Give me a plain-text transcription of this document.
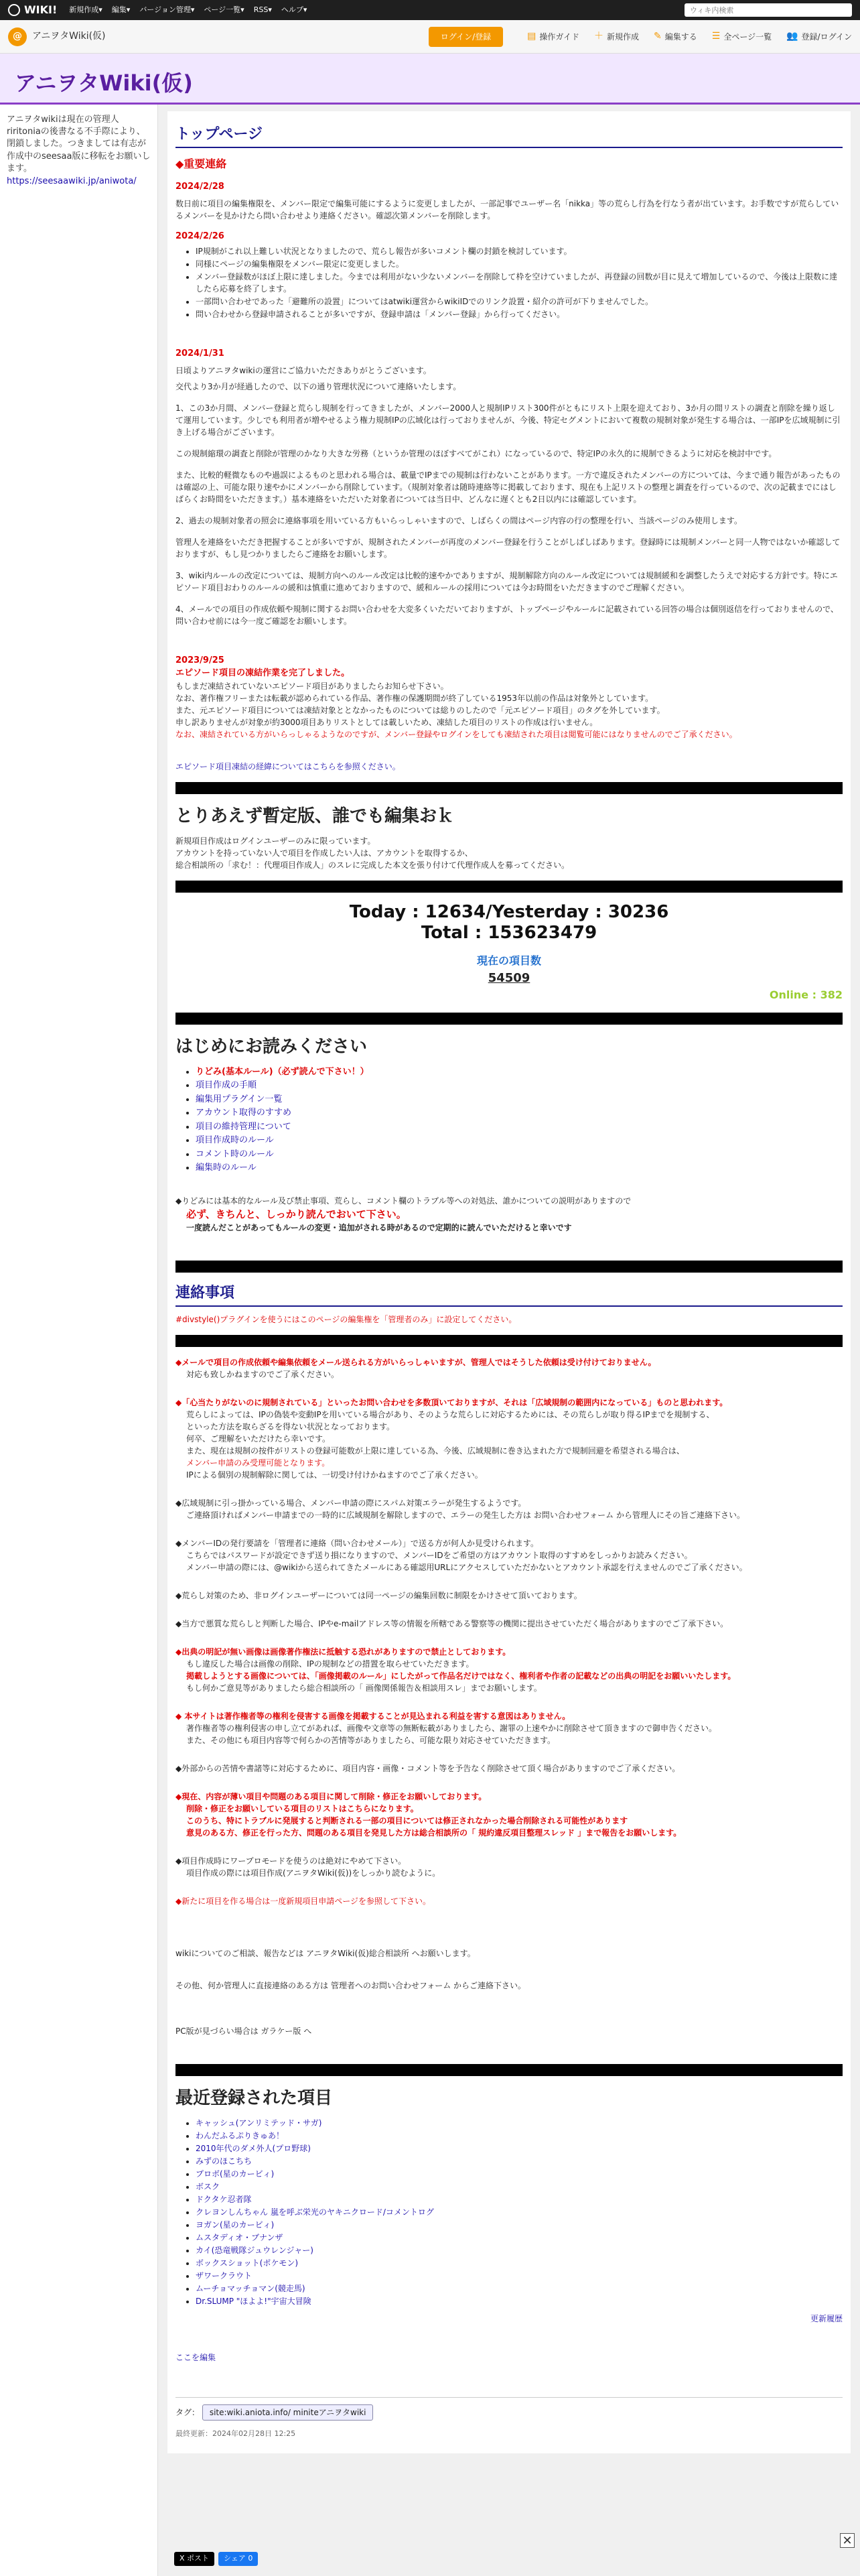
WIKI! 新規作成▾ 編集▾ バージョン管理▾ ページ一覧▾ RSS▾ ヘルプ▾
ウィキ内検索
@	アニヲタWiki(仮)	ログイン/登録	▤ 操作ガイド ＋ 新規作成 ✎ 編集する ☰ 全ページ一覧 👥 登録/ログイン
アニヲタWiki(仮)

アニヲタwikiは現在の管理人riritoniaの後書なる不手際により、閉鎖しました。つきましては有志が作成中のseesaa版に移転をお願いします。

https://seesaawiki.jp/aniwota/
トップページ
◆重要連絡
2024/2/28
数日前に項目の編集権限を、メンバー限定で編集可能にするように変更しましたが、一部記事でユーザー名「nikka」等の荒らし行為を行なう者が出ています。お手数ですが荒らしているメンバーを見かけたら問い合わせより連絡ください。確認次第メンバーを削除します。
2024/2/26
• IP規制がこれ以上難しい状況となりましたので、荒らし報告が多いコメント欄の封鎖を検討しています。
• 同様にページの編集権限をメンバー限定に変更しました。
• メンバー登録数がほぼ上限に達しました。今までは利用がない少ないメンバーを削除して枠を空けていましたが、再登録の回数が目に見えて増加しているので、今後は上限数に達したら応募を終了します。
• 一部問い合わせであった「避難所の設置」についてはatwiki運営からwikiIDでのリンク設置・紹介の許可が下りませんでした。
• 問い合わせから登録申請されることが多いですが、登録申請は「メンバー登録」から行ってください。
2024/1/31
日頃よりアニヲタwikiの運営にご協力いただきありがとうございます。
交代より3か月が経過したので、以下の通り管理状況について連絡いたします。
1、この3か月間、メンバー登録と荒らし規制を行ってきましたが、メンバー2000人と規制IPリスト300件がともにリスト上限を迎えており、3か月の間リストの調査と削除を繰り返して運用しています。少しでも利用者が増やせるよう権力規制IPの広域化は行っておりませんが、今後、特定セグメントにおいて複数の規制対象が発生する場合は、一部IPを広域規制に引き上げる場合がございます。
この規制縮環の調査と削除が管理のかなり大きな労務（というか管理のほぼすべてがこれ）になっているので、特定IPの永久的に規制できるように対応を検討中です。
また、比較的軽微なものや過誤によるものと思われる場合は、載量でIPまでの規制は行わないことがあります。一方で違反されたメンバーの方については、今まで通り報告があったものは確認の上、可能な限り速やかにメンバーから削除しています。（規制対象者は随時連絡等に掲載しております、現在も上記リストの整理と調査を行っているので、次の記載までにはしばらくお時間をいただきます。）基本連絡をいただいた対象者については当日中、どんなに遅くとも2日以内には確認しています。
2、過去の規制対象者の照会に連絡事項を用いている方もいらっしゃいますので、しばらくの間はページ内容の行の整理を行い、当該ページのみ使用します。
管理人を連絡をいただき把握することが多いですが、規制されたメンバーが再度のメンバー登録を行うことがしばしばあります。登録時には規制メンバーと同一人物ではないか確認しておりますが、もし見つかりましたらご連絡をお願いします。
3、wiki内ルールの改定については、規制方向へのルール改定は比較的速やかでありますが、規制解除方向のルール改定については規制緩和を調整したうえで対応する方針です。特にエピソード項目おわりのルールの緩和は慎重に進めておりますので、緩和ルールの採用については今お時間をいただきますのでご理解ください。
4、メールでの項目の作成依頼や規制に関するお問い合わせを大変多くいただいておりますが、トップページやルールに記載されている回答の場合は個別返信を行っておりませんので、問い合わせ前には今一度ご確認をお願いします。
2023/9/25
エピソード項目の凍結作業を完了しました。
もしまだ凍結されていないエピソード項目がありましたらお知らせ下さい。
なお、著作権フリーまたは転載が認められている作品、著作権の保護期間が終了している1953年以前の作品は対象外としています。
また、元エピソード項目については凍結対象ととなかったものについては総りのしたので「元エピソード項目」のタグを外しています。
申し訳ありませんが対象が約3000項目ありリストとしては載しいため、凍結した項目のリストの作成は行いません。
なお、凍結されている方がいらっしゃるようなのですが、メンバー登録やログインをしても凍結された項目は閲覧可能にはなりませんのでご了承ください。
エピソード項目凍結の経緯についてはこちらを参照ください。
とりあえず暫定版、誰でも編集おｋ
新規項目作成はログインユーザーのみに限っています。
アカウントを持っていない人で項目を作成したい人は、アカウントを取得するか、
総合相談所の「求む！：代理項目作成人」のスレに完成した本文を張り付けて代理作成人を募ってください。
Today : 12634/Yesterday : 30236
Total : 153623479
現在の項目数
54509
Online : 382
はじめにお読みください
• りどみ(基本ルール)（必ず読んで下さい！）
• 項目作成の手順
• 編集用プラグイン一覧
• アカウント取得のすすめ
• 項目の維持管理について
• 項目作成時のルール
• コメント時のルール
• 編集時のルール
◆りどみには基本的なルール及び禁止事項、荒らし、コメント欄のトラブル等への対処法、誰かについての説明がありますので
必ず、きちんと、しっかり読んでおいて下さい。
一度読んだことがあってもルールの変更・追加がされる時があるので定期的に読んでいただけると幸いです
連絡事項
#divstyle()プラグインを使うにはこのページの編集権を「管理者のみ」に設定してください。
◆メールで項目の作成依頼や編集依頼をメール送られる方がいらっしゃいますが、管理人ではそうした依頼は受け付けておりません。
対応も致しかねますのでご了承ください。
◆「心当たりがないのに規制されている」といったお問い合わせを多数頂いておりますが、それは「広域規制の範囲内になっている」ものと思われます。
荒らしによっては、IPの偽装や変動IPを用いている場合があり、そのような荒らしに対応するためには、その荒らしが取り得るIPまでを規制する、
といった方法を取らざるを得ない状況となっております。
何卒、ご理解をいただけたら幸いです。
また、現在は規制の按件がリストの登録可能数が上限に達している為、今後、広域規制に巻き込まれた方で規制回避を希望される場合は、
メンバー申請のみ受理可能となります。
IPによる個別の規制解除に関しては、一切受け付けかねますのでご了承ください。
◆広域規制に引っ掛かっている場合、メンバー申請の際にスパム対策エラーが発生するようです。
ご連絡頂ければメンバー申請までの一時的に広域規制を解除しますので、エラーの発生した方は お問い合わせフォーム から管理人にその旨ご連絡下さい。
◆メンバーIDの発行要請を「管理者に連絡（問い合わせメール）」で送る方が何人か見受けられます。
こちらではパスワードが設定できず送り損になりますので、メンバーIDをご希望の方はアカウント取得のすすめをしっかりお読みください。
メンバー申請の際には、@wikiから送られてきたメールにある確認用URLにアクセスしていただかないとアカウント承認を行えませんのでご了承ください。
◆荒らし対策のため、非ログインユーザーについては同一ページの編集回数に制限をかけさせて頂いております。
◆当方で悪質な荒らしと判断した場合、IPやe-mailアドレス等の情報を所轄である警察等の機関に提出させていただく場合がありますのでご了承下さい。
◆出典の明記が無い画像は画像著作権法に抵触する恐れがありますので禁止としております。
もし違反した場合は画像の削除、IPの規制などの措置を取らせていただきます。
掲載しようとする画像については、「画像掲載のルール」にしたがって作品名だけではなく、権利者や作者の記載などの出典の明記をお願いいたします。
もし何かご意見等がありましたら総合相談所の「 画像関係報告＆相談用スレ」までお願いします。
◆ 本サイトは著作権者等の権利を侵害する画像を掲載することが見込まれる利益を害する意図はありません。
著作権者等の権利侵害の申し立てがあれば、画像や文章等の無断転載がありましたら、謝罪の上速やかに削除させて頂きますので御申告ください。
また、その他にも項目内容等で何らかの苦情等がありましたら、可能な限り対応させていただきます。
◆外部からの苦情や書諸等に対応するために、項目内容・画像・コメント等を予告なく削除させて頂く場合がありますのでご了承ください。
◆現在、内容が薄い項目や問題のある項目に関して削除・修正をお願いしております。
削除・修正をお願いしている項目のリストはこちらになります。
このうち、特にトラブルに発展すると判断される一部の項目については修正されなかった場合削除される可能性があります
意見のある方、修正を行った方、問題のある項目を発見した方は総合相談所の「 規約違反項目整理スレッド 」まで報告をお願いします。
◆項目作成時にワープロモードを使うのは絶対にやめて下さい。
項目作成の際には項目作成(アニヲタWiki(仮))をしっかり読むように。
◆新たに項目を作る場合は一度新規項目申請ページを参照して下さい。
wikiについてのご相談、報告などは アニヲタWiki(仮)総合相談所 へお願いします。
その他、何か管理人に直接連絡のある方は 管理者へのお問い合わせフォーム からご連絡下さい。
PC版が見づらい場合は ガラケー版 へ
最近登録された項目
• キャッシュ(アンリミテッド・サガ)
• わんだふるぷりきゅあ！
• 2010年代のダメ外人(プロ野球)
• みずのほこちち
• プロボ(星のカービィ)
• ボスク
• ドクタケ忍者隊
• クレヨンしんちゃん 嵐を呼ぶ栄光のヤキニクロード/コメントログ
• ヨガン(星のカービィ)
• ムスタディオ・ブナンザ
• カイ(恐竜戦隊ジュウレンジャー)
• ボックスショット(ポケモン)
• ザワークラウト
• ムーチョマッチョマン(競走馬)
• Dr.SLUMP "ほよよ!"宇宙大冒険
更新履歴
ここを編集
タグ： site:wiki.aniota.info/ miniteアニヲタwiki
最終更新：2024年02月28日 12:25
✕
X ポスト	シェア 0
